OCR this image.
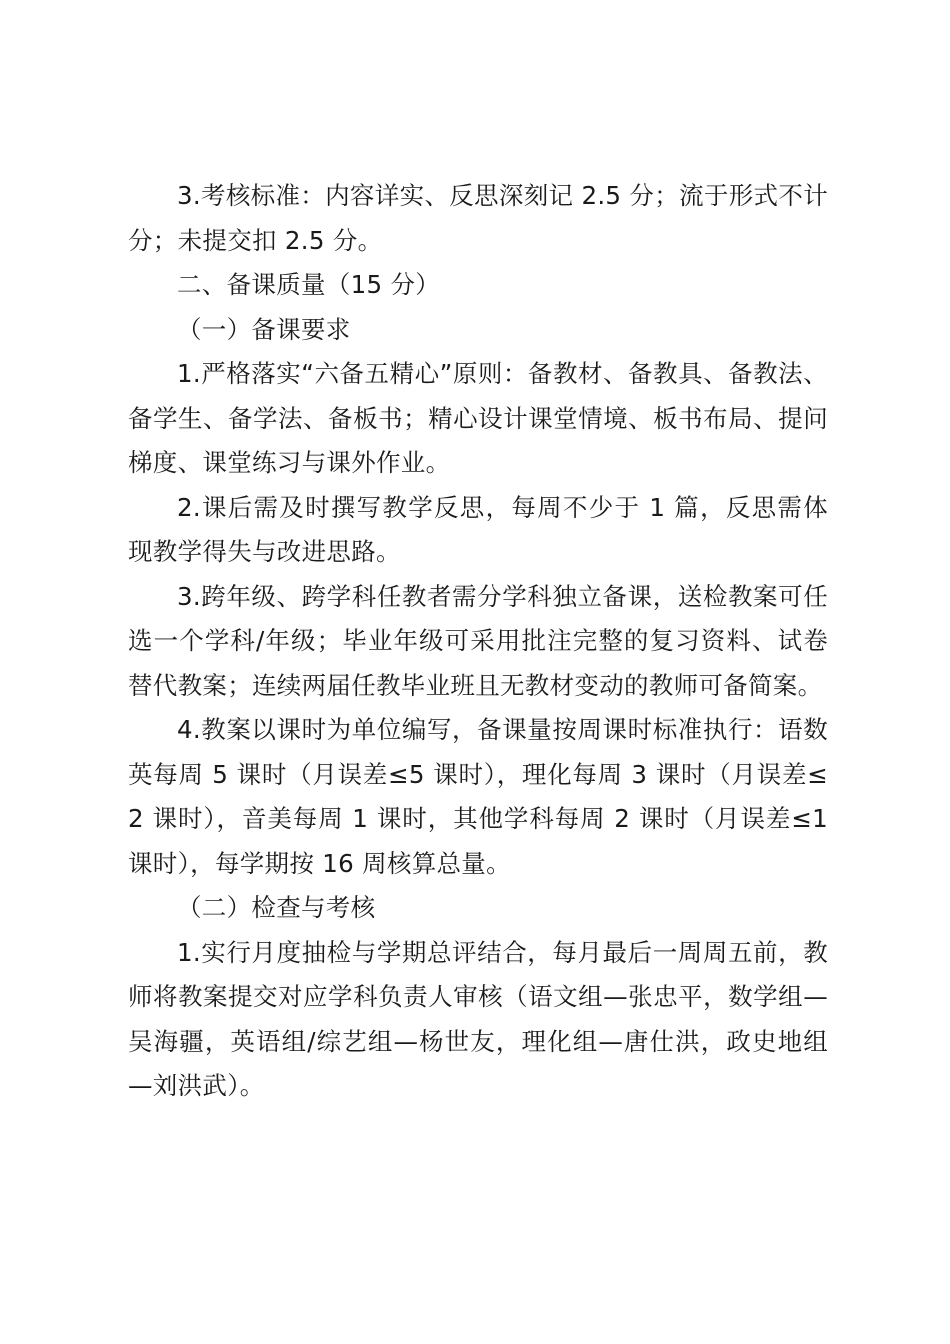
3.考核标准：内容详实、反思深刻记 2.5 分；流于形式不计分；未提交扣 2.5 分。

二、备课质量（15 分）

（一）备课要求

1.严格落实“六备五精心”原则：备教材、备教具、备教法、备学生、备学法、备板书；精心设计课堂情境、板书布局、提问梯度、课堂练习与课外作业。

2.课后需及时撰写教学反思，每周不少于 1 篇，反思需体现教学得失与改进思路。

3.跨年级、跨学科任教者需分学科独立备课，送检教案可任选一个学科/年级；毕业年级可采用批注完整的复习资料、试卷替代教案；连续两届任教毕业班且无教材变动的教师可备简案。

4.教案以课时为单位编写，备课量按周课时标准执行：语数英每周 5 课时（月误差≤5 课时），理化每周 3 课时（月误差≤2 课时），音美每周 1 课时，其他学科每周 2 课时（月误差≤1 课时），每学期按 16 周核算总量。

（二）检查与考核

1.实行月度抽检与学期总评结合，每月最后一周周五前，教师将教案提交对应学科负责人审核（语文组—张忠平，数学组—吴海疆，英语组/综艺组—杨世友，理化组—唐仕洪，政史地组—刘洪武）。
